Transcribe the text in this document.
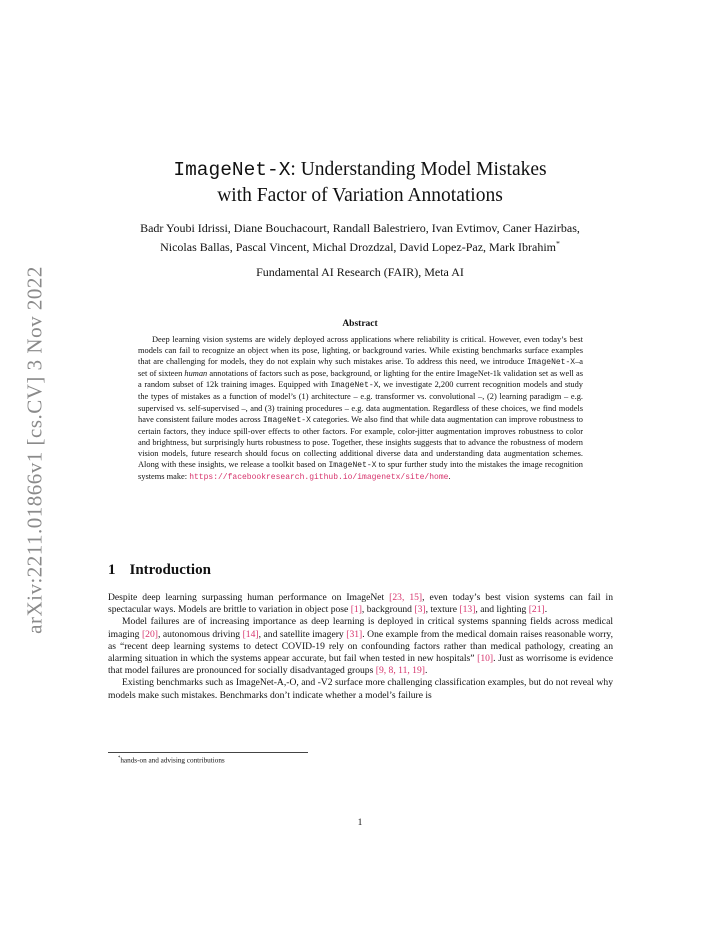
arXiv:2211.01866v1 [cs.CV] 3 Nov 2022
ImageNet-X: Understanding Model Mistakes
with Factor of Variation Annotations
Badr Youbi Idrissi, Diane Bouchacourt, Randall Balestriero, Ivan Evtimov, Caner Hazirbas,
Nicolas Ballas, Pascal Vincent, Michal Drozdzal, David Lopez-Paz, Mark Ibrahim*
Fundamental AI Research (FAIR), Meta AI
Abstract

Deep learning vision systems are widely deployed across applications where reliability is critical. However, even today’s best models can fail to recognize an object when its pose, lighting, or background varies. While existing benchmarks surface examples that are challenging for models, they do not explain why such mistakes arise. To address this need, we introduce ImageNet-X–a set of sixteen human annotations of factors such as pose, background, or lighting for the entire ImageNet-1k validation set as well as a random subset of 12k training images. Equipped with ImageNet-X, we investigate 2,200 current recognition models and study the types of mistakes as a function of model’s (1) architecture – e.g. transformer vs. convolutional –, (2) learning paradigm – e.g. supervised vs. self-supervised –, and (3) training procedures – e.g. data augmentation. Regardless of these choices, we find models have consistent failure modes across ImageNet-X categories. We also find that while data augmentation can improve robustness to certain factors, they induce spill-over effects to other factors. For example, color-jitter augmentation improves robustness to color and brightness, but surprisingly hurts robustness to pose. Together, these insights suggests that to advance the robustness of modern vision models, future research should focus on collecting additional diverse data and understanding data augmentation schemes. Along with these insights, we release a toolkit based on ImageNet-X to spur further study into the mistakes the image recognition systems make: https://facebookresearch.github.io/imagenetx/site/home.

1 Introduction

Despite deep learning surpassing human performance on ImageNet [23, 15], even today’s best vision systems can fail in spectacular ways. Models are brittle to variation in object pose [1], background [3], texture [13], and lighting [21].

Model failures are of increasing importance as deep learning is deployed in critical systems spanning fields across medical imaging [20], autonomous driving [14], and satellite imagery [31]. One example from the medical domain raises reasonable worry, as “recent deep learning systems to detect COVID-19 rely on confounding factors rather than medical pathology, creating an alarming situation in which the systems appear accurate, but fail when tested in new hospitals” [10]. Just as worrisome is evidence that model failures are pronounced for socially disadvantaged groups [9, 8, 11, 19].

Existing benchmarks such as ImageNet-A,-O, and -V2 surface more challenging classification examples, but do not reveal why models make such mistakes. Benchmarks don’t indicate whether a model’s failure is

*hands-on and advising contributions
1
